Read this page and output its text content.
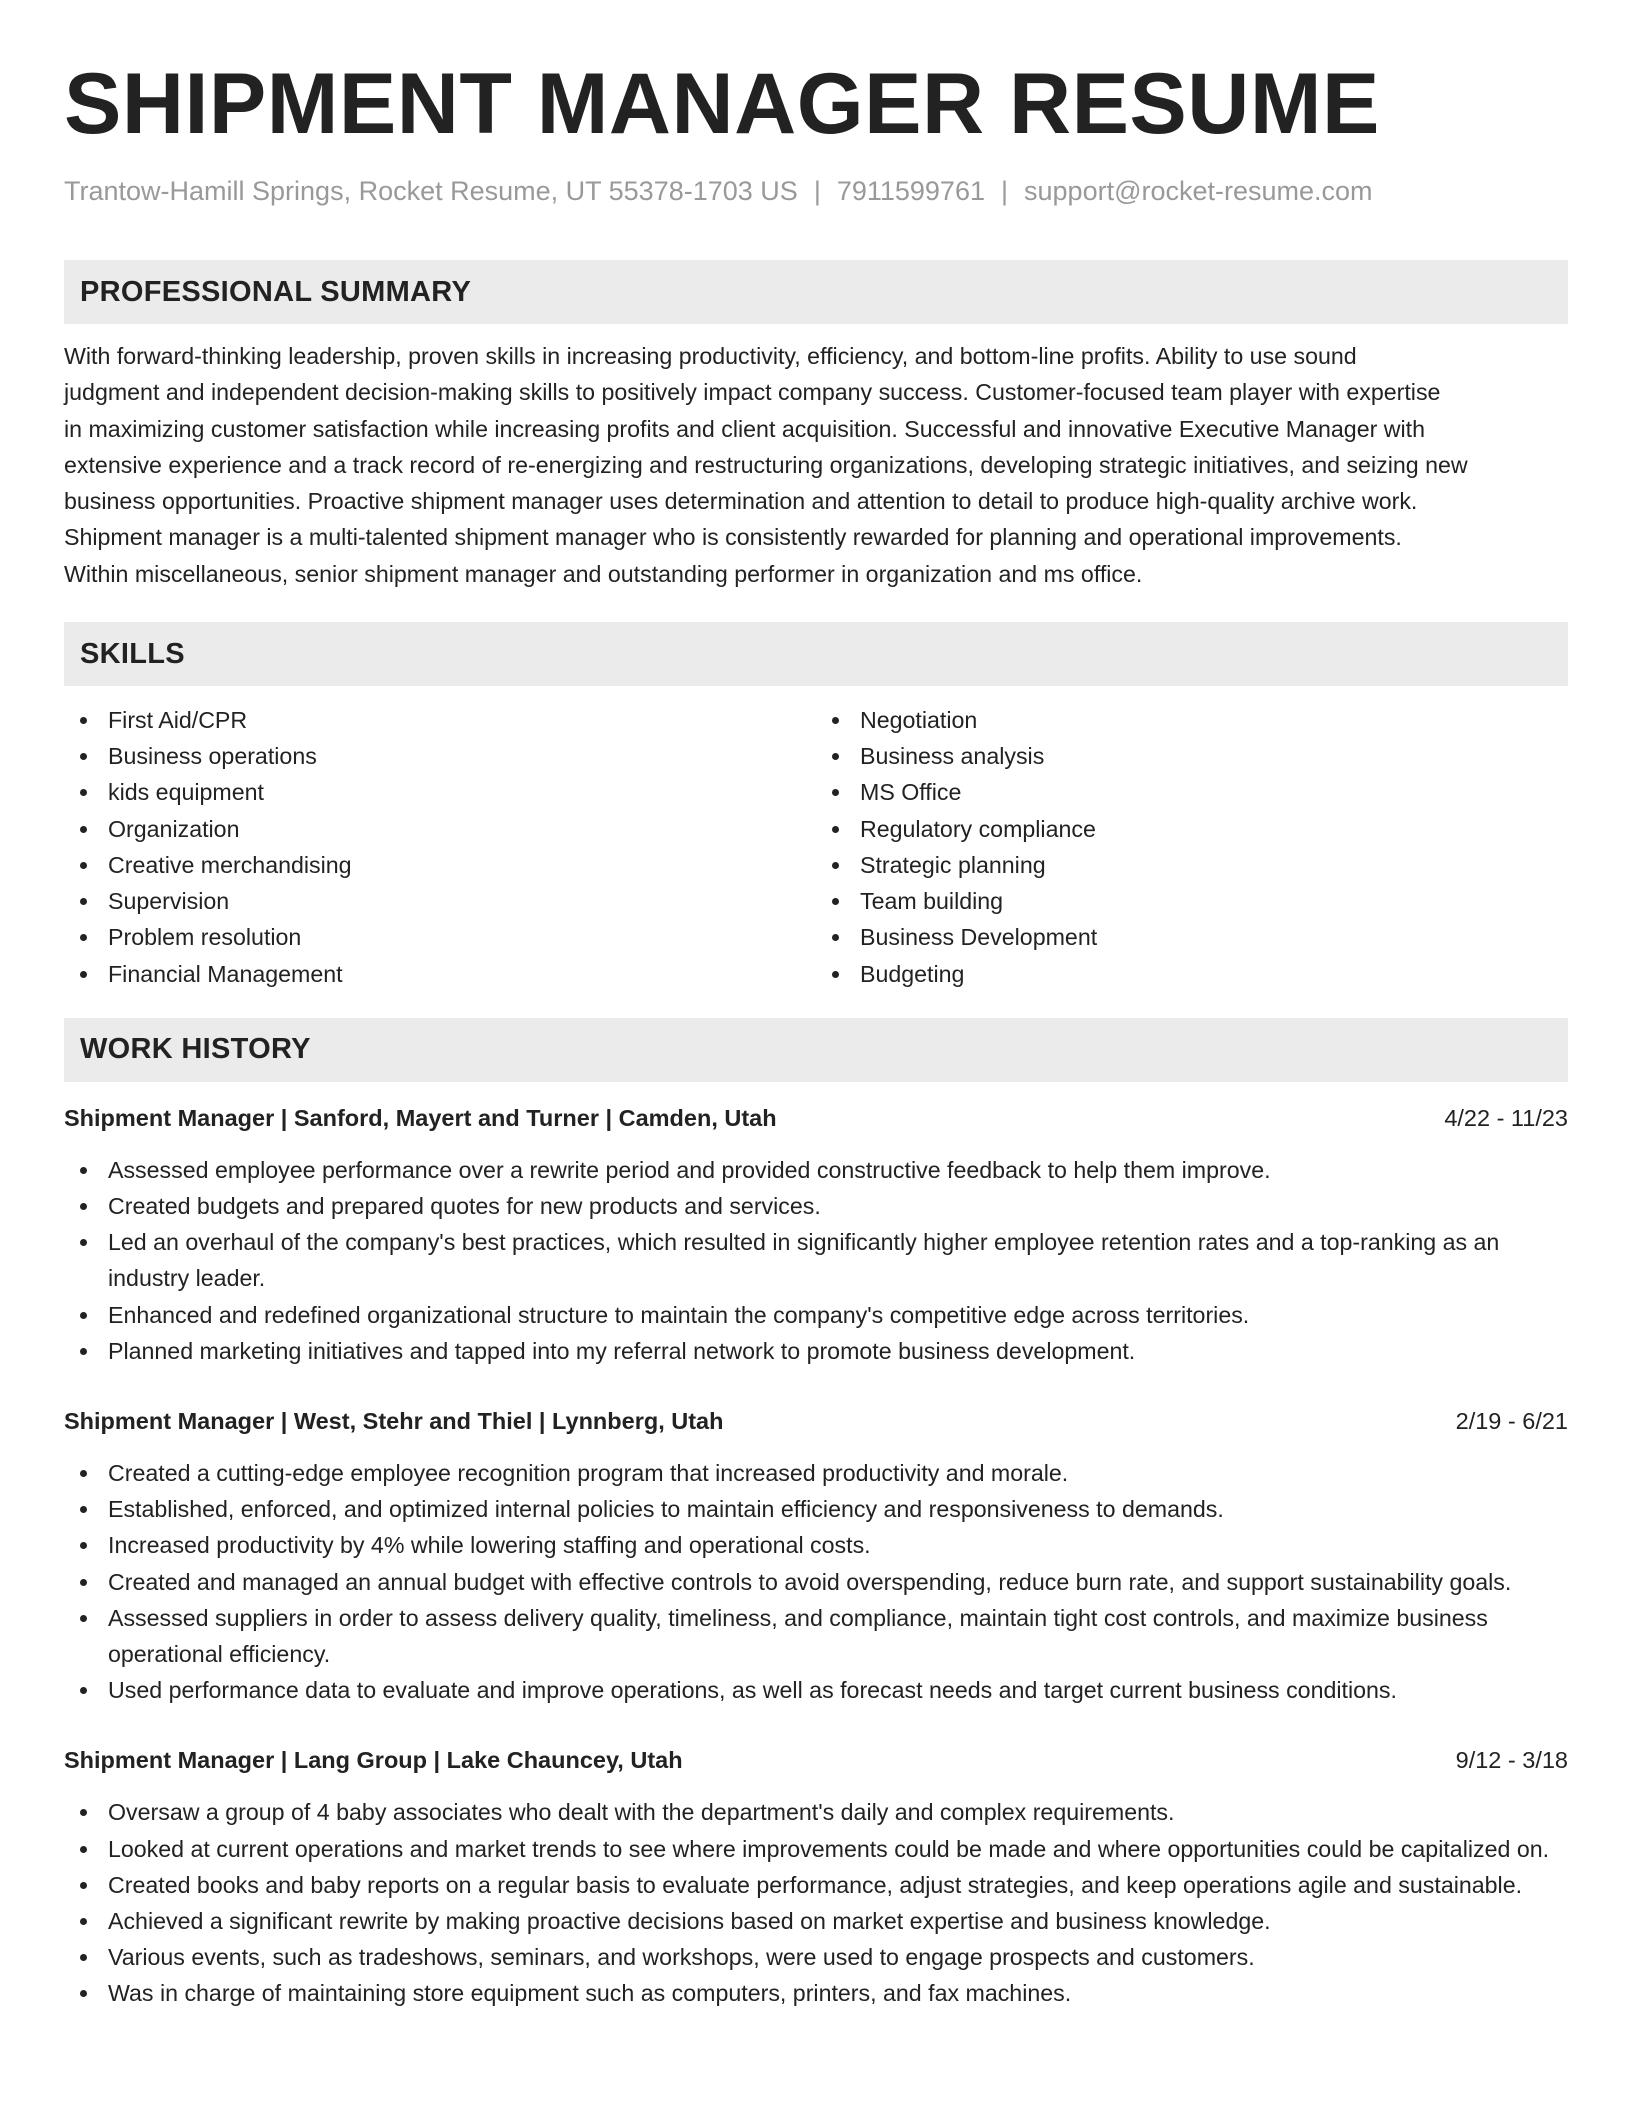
SHIPMENT MANAGER RESUME
Trantow-Hamill Springs, Rocket Resume, UT 55378-1703 US | 7911599761 | support@rocket-resume.com
PROFESSIONAL SUMMARY
With forward-thinking leadership, proven skills in increasing productivity, efficiency, and bottom-line profits. Ability to use sound
judgment and independent decision-making skills to positively impact company success. Customer-focused team player with expertise
in maximizing customer satisfaction while increasing profits and client acquisition. Successful and innovative Executive Manager with
extensive experience and a track record of re-energizing and restructuring organizations, developing strategic initiatives, and seizing new
business opportunities. Proactive shipment manager uses determination and attention to detail to produce high-quality archive work.
Shipment manager is a multi-talented shipment manager who is consistently rewarded for planning and operational improvements.
Within miscellaneous, senior shipment manager and outstanding performer in organization and ms office.
SKILLS
First Aid/CPR
Business operations
kids equipment
Organization
Creative merchandising
Supervision
Problem resolution
Financial Management
Negotiation
Business analysis
MS Office
Regulatory compliance
Strategic planning
Team building
Business Development
Budgeting
WORK HISTORY
Shipment Manager | Sanford, Mayert and Turner | Camden, Utah	4/22 - 11/23
Assessed employee performance over a rewrite period and provided constructive feedback to help them improve.
Created budgets and prepared quotes for new products and services.
Led an overhaul of the company's best practices, which resulted in significantly higher employee retention rates and a top-ranking as an industry leader.
Enhanced and redefined organizational structure to maintain the company's competitive edge across territories.
Planned marketing initiatives and tapped into my referral network to promote business development.
Shipment Manager | West, Stehr and Thiel | Lynnberg, Utah	2/19 - 6/21
Created a cutting-edge employee recognition program that increased productivity and morale.
Established, enforced, and optimized internal policies to maintain efficiency and responsiveness to demands.
Increased productivity by 4% while lowering staffing and operational costs.
Created and managed an annual budget with effective controls to avoid overspending, reduce burn rate, and support sustainability goals.
Assessed suppliers in order to assess delivery quality, timeliness, and compliance, maintain tight cost controls, and maximize business operational efficiency.
Used performance data to evaluate and improve operations, as well as forecast needs and target current business conditions.
Shipment Manager | Lang Group | Lake Chauncey, Utah	9/12 - 3/18
Oversaw a group of 4 baby associates who dealt with the department's daily and complex requirements.
Looked at current operations and market trends to see where improvements could be made and where opportunities could be capitalized on.
Created books and baby reports on a regular basis to evaluate performance, adjust strategies, and keep operations agile and sustainable.
Achieved a significant rewrite by making proactive decisions based on market expertise and business knowledge.
Various events, such as tradeshows, seminars, and workshops, were used to engage prospects and customers.
Was in charge of maintaining store equipment such as computers, printers, and fax machines.
